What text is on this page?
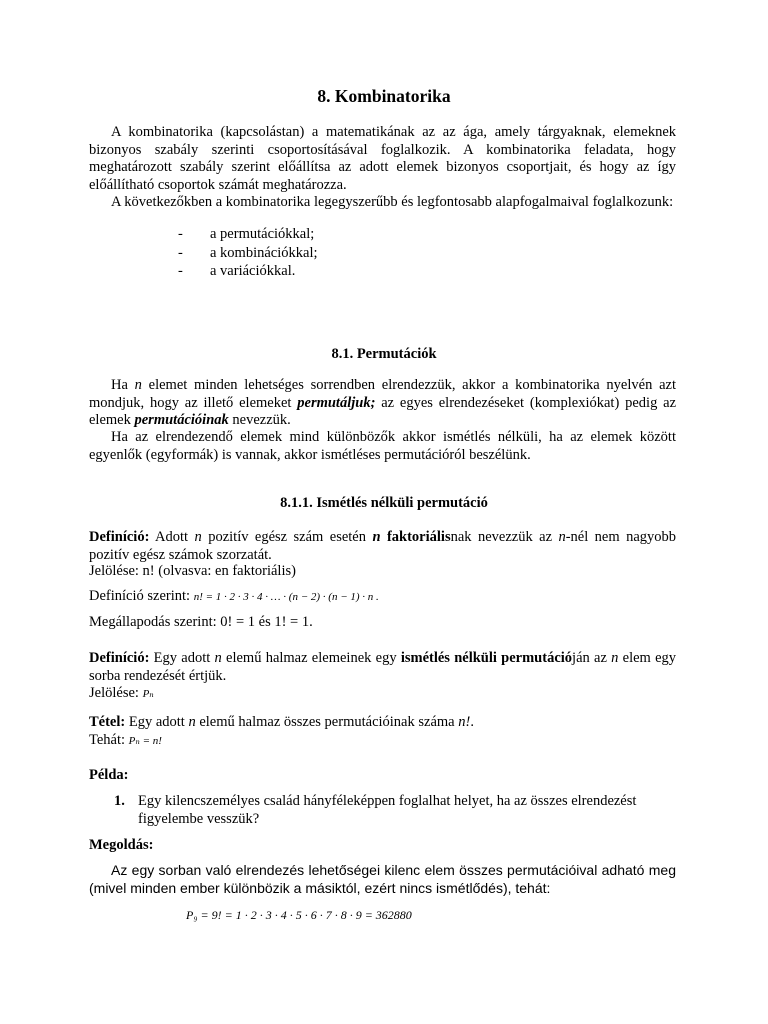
8. Kombinatorika

A kombinatorika (kapcsolástan) a matematikának az az ága, amely tárgyaknak, elemeknek bizonyos szabály szerinti csoportosításával foglalkozik. A kombinatorika feladata, hogy meghatározott szabály szerint előállítsa az adott elemek bizonyos csoportjait, és hogy az így előállítható csoportok számát meghatározza.

A következőkben a kombinatorika legegyszerűbb és legfontosabb alapfogalmaival foglalkozunk:

- a permutációkkal;
- a kombinációkkal;
- a variációkkal.
8.1. Permutációk

Ha n elemet minden lehetséges sorrendben elrendezzük, akkor a kombinatorika nyelvén azt mondjuk, hogy az illető elemeket permutáljuk; az egyes elrendezéseket (komplexiókat) pedig az elemek permutációinak nevezzük.

Ha az elrendezendő elemek mind különbözők akkor ismétlés nélküli, ha az elemek között egyenlők (egyformák) is vannak, akkor ismétléses permutációról beszélünk.

8.1.1. Ismétlés nélküli permutáció

Definíció: Adott n pozitív egész szám esetén n faktoriálisnak nevezzük az n-nél nem nagyobb pozitív egész számok szorzatát.

Jelölése: n! (olvasva: en faktoriális)

Definíció szerint: n! = 1 · 2 · 3 · 4 · … · (n − 2) · (n − 1) · n .

Megállapodás szerint: 0! = 1 és 1! = 1.

Definíció: Egy adott n elemű halmaz elemeinek egy ismétlés nélküli permutációján az n elem egy sorba rendezését értjük.

Jelölése: Pₙ

Tétel: Egy adott n elemű halmaz összes permutációinak száma n!.

Tehát: Pₙ = n!

Példa:

1. Egy kilencszemélyes család hányféleképpen foglalhat helyet, ha az összes elrendezést figyelembe vesszük?

Megoldás:

Az egy sorban való elrendezés lehetőségei kilenc elem összes permutációival adható meg (mivel minden ember különbözik a másiktól, ezért nincs ismétlődés), tehát:

P₉ = 9! = 1 · 2 · 3 · 4 · 5 · 6 · 7 · 8 · 9 = 362880
